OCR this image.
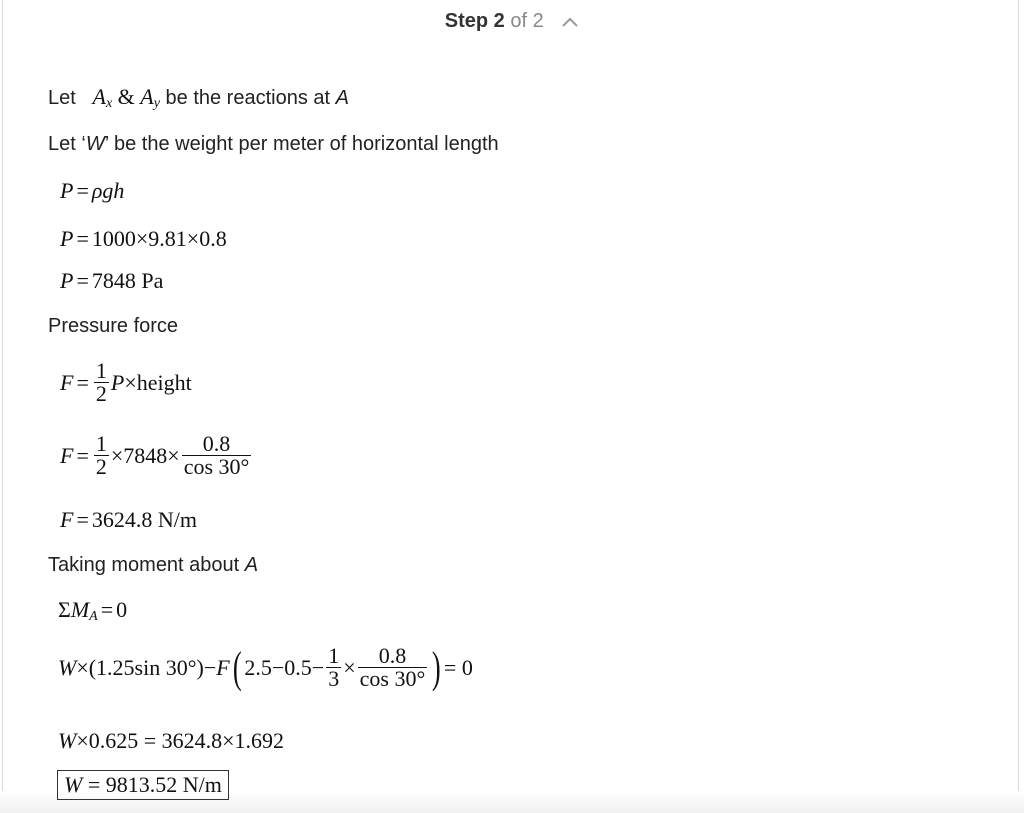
Step 2 of 2
Let A x
&
A y be the reactions at A
Let ‘W’ be the weight per meter of horizontal length
P = ρgh
P = 1000×9.81×0.8
P = 7848 Pa
Pressure force
$F = \frac{1}{2}$ P ×height
$F = \frac{1}{2} \times 7848\times \frac{0.8}{\cos 30^\circ}$
F = 3624.8 N/m
Taking moment about A
Σ M A = 0
W ×(1.25sin 30°)− F ( $2.5-0.5- \frac{1}{3} \times \frac{0.8}{\cos 30^\circ}$ ) = 0
W ×0.625 = 3624.8×1.692
W = 9813.52 N/m
